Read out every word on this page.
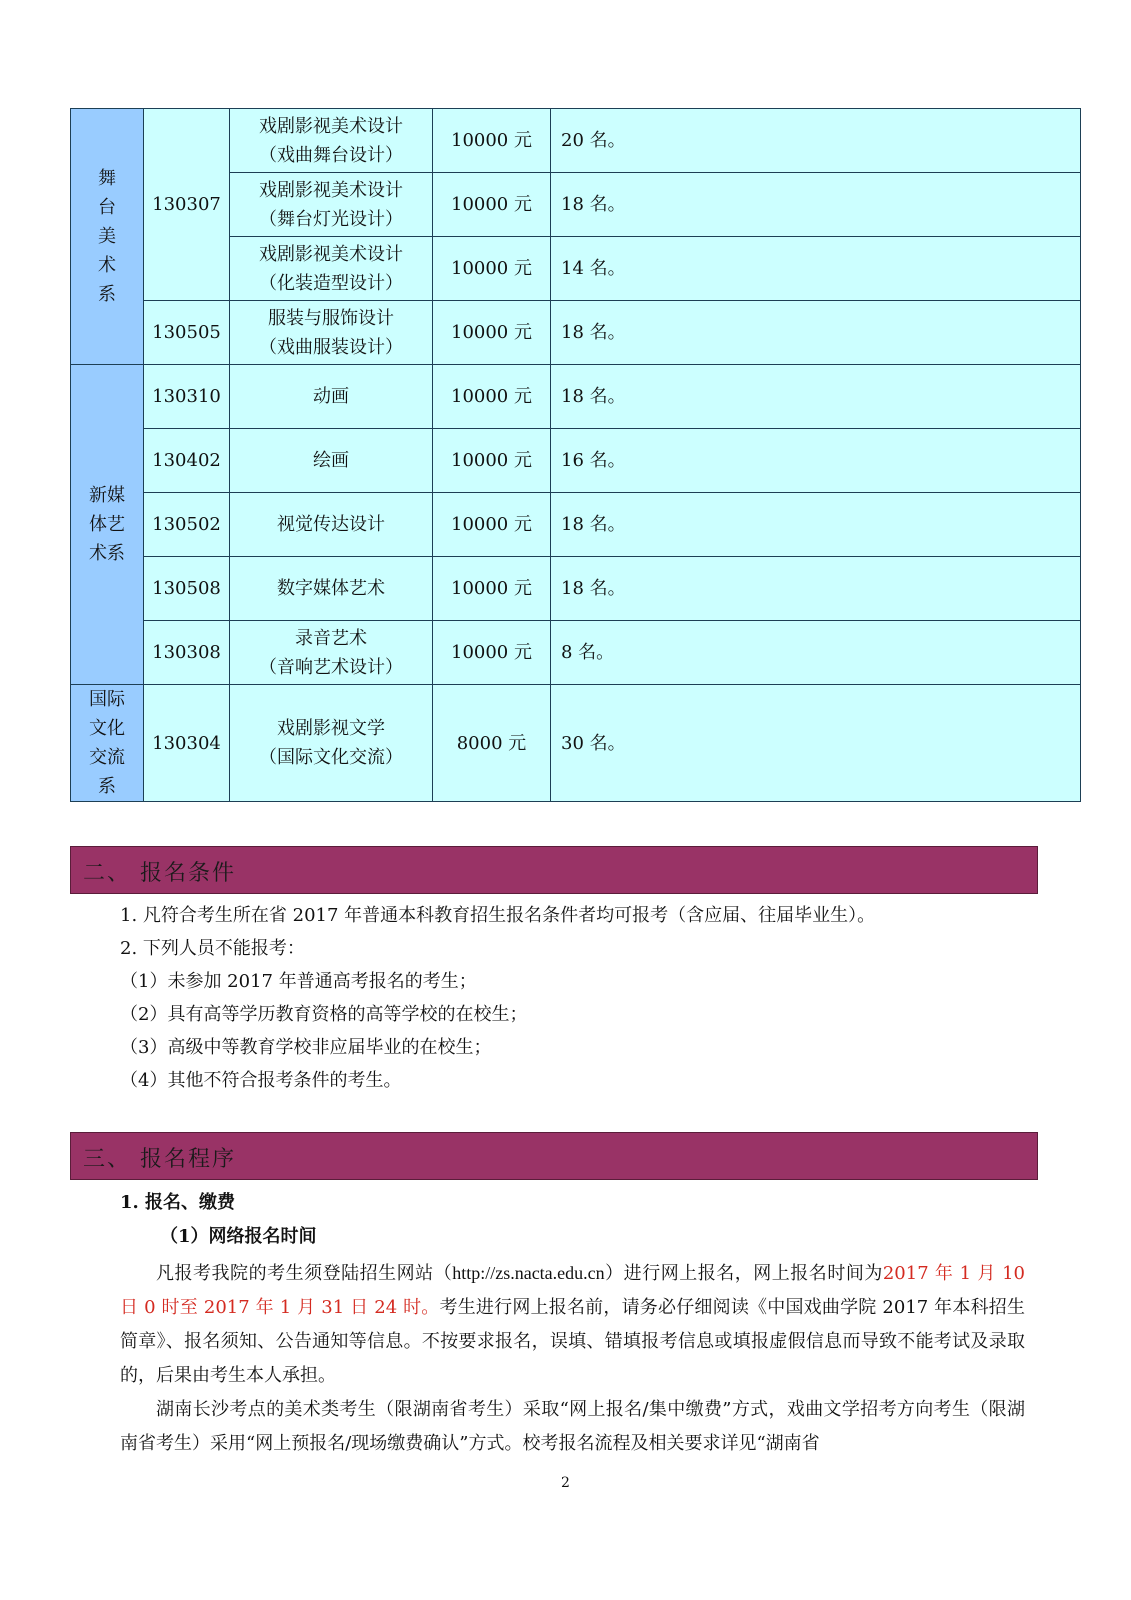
舞台美术系	130307	戏剧影视美术设计
（戏曲舞台设计）	10000 元	20 名。

		戏剧影视美术设计
（舞台灯光设计）	10000 元	18 名。

		戏剧影视美术设计
（化装造型设计）	10000 元	14 名。
	130505	服装与服饰设计
（戏曲服装设计）	10000 元	18 名。
新媒体艺术系	130310	动画	10000 元	18 名。
	130402	绘画	10000 元	16 名。
	130502	视觉传达设计	10000 元	18 名。
	130508	数字媒体艺术	10000 元	18 名。
	130308	录音艺术
（音响艺术设计）	10000 元	8 名。
国际文化交流系	130304	戏剧影视文学
（国际文化交流）	8000 元	30 名。
二、 报名条件
1. 凡符合考生所在省 2017 年普通本科教育招生报名条件者均可报考（含应届、往届毕业生）。
2. 下列人员不能报考：
（1）未参加 2017 年普通高考报名的考生；
（2）具有高等学历教育资格的高等学校的在校生；
（3）高级中等教育学校非应届毕业的在校生；
（4）其他不符合报考条件的考生。
三、 报名程序
1. 报名、缴费
（1）网络报名时间

凡报考我院的考生须登陆招生网站（http://zs.nacta.edu.cn）进行网上报名，网上报名时间为2017 年 1 月 10 日 0 时至 2017 年 1 月 31 日 24 时。考生进行网上报名前，请务必仔细阅读《中国戏曲学院 2017 年本科招生简章》、报名须知、公告通知等信息。不按要求报名，误填、错填报考信息或填报虚假信息而导致不能考试及录取的，后果由考生本人承担。

湖南长沙考点的美术类考生（限湖南省考生）采取“网上报名/集中缴费”方式，戏曲文学招考方向考生（限湖南省考生）采用“网上预报名/现场缴费确认”方式。校考报名流程及相关要求详见“湖南省

2
